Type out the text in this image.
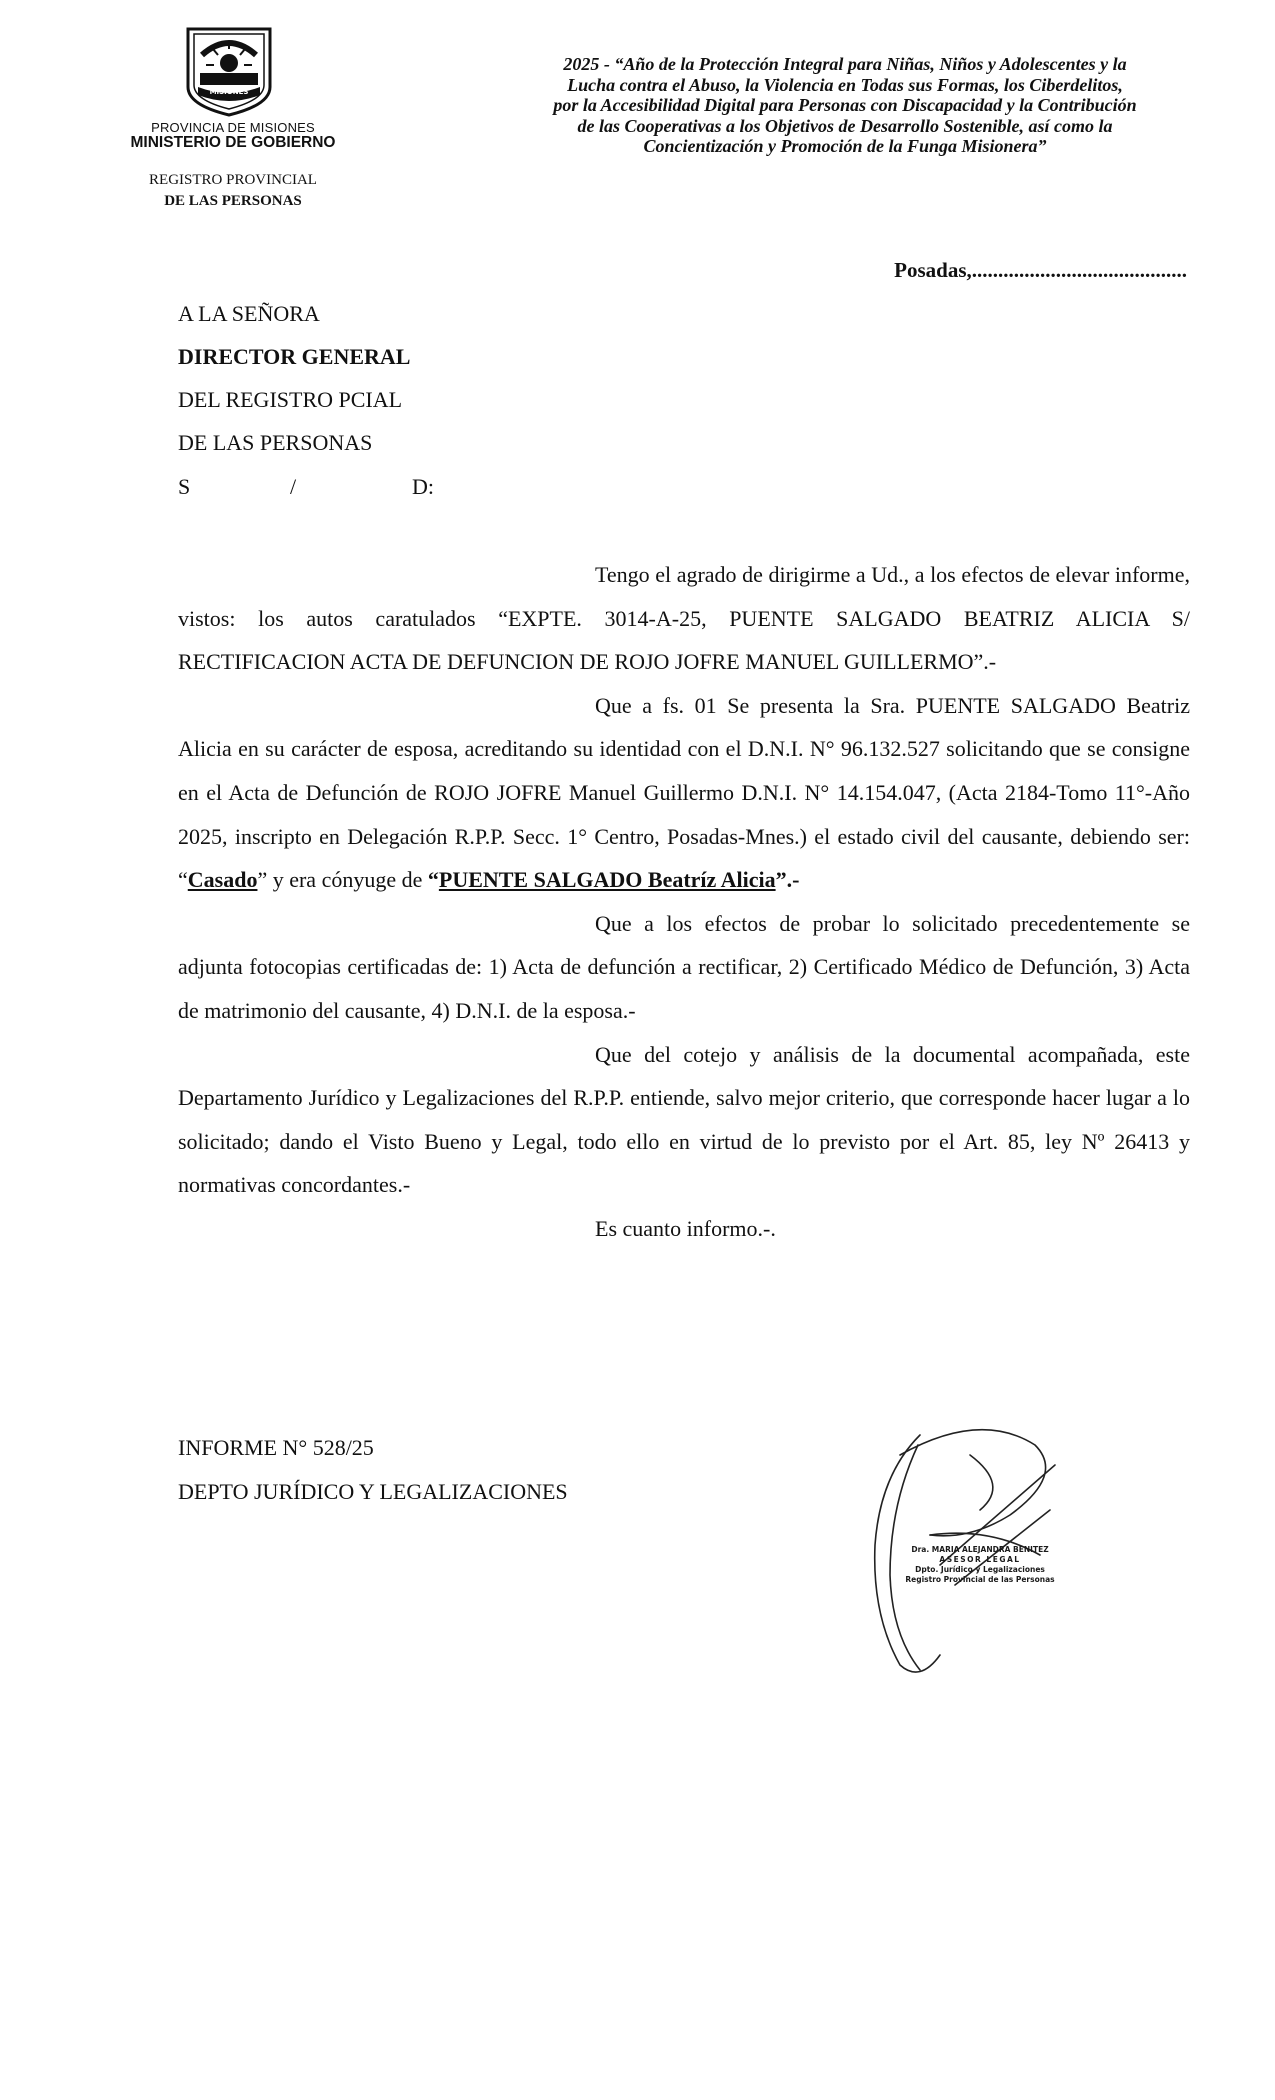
MISIONES
PROVINCIA DE MISIONES
MINISTERIO DE GOBIERNO
REGISTRO PROVINCIAL
DE LAS PERSONAS
2025 - “Año de la Protección Integral para Niñas, Niños y Adolescentes y la
Lucha contra el Abuso, la Violencia en Todas sus Formas, los Ciberdelitos,
por la Accesibilidad Digital para Personas con Discapacidad y la Contribución
de las Cooperativas a los Objetivos de Desarrollo Sostenible, así como la
Concientización y Promoción de la Funga Misionera”
Posadas,.........................................
A LA SEÑORA
DIRECTOR GENERAL
DEL REGISTRO PCIAL
DE LAS PERSONAS
S	/	D:

Tengo el agrado de dirigirme a Ud., a los efectos de elevar informe, vistos: los autos caratulados “EXPTE. 3014-A-25, PUENTE SALGADO BEATRIZ ALICIA S/ RECTIFICACION ACTA DE DEFUNCION DE ROJO JOFRE MANUEL GUILLERMO”.-

Que a fs. 01 Se presenta la Sra. PUENTE SALGADO Beatriz Alicia en su carácter de esposa, acreditando su identidad con el D.N.I. N° 96.132.527 solicitando que se consigne en el Acta de Defunción de ROJO JOFRE Manuel Guillermo D.N.I. N° 14.154.047, (Acta 2184-Tomo 11°-Año 2025, inscripto en Delegación R.P.P. Secc. 1° Centro, Posadas-Mnes.) el estado civil del causante, debiendo ser: “Casado” y era cónyuge de “PUENTE SALGADO Beatríz Alicia”.-

Que a los efectos de probar lo solicitado precedentemente se adjunta fotocopias certificadas de: 1) Acta de defunción a rectificar, 2) Certificado Médico de Defunción, 3) Acta de matrimonio del causante, 4) D.N.I. de la esposa.-

Que del cotejo y análisis de la documental acompañada, este Departamento Jurídico y Legalizaciones del R.P.P. entiende, salvo mejor criterio, que corresponde hacer lugar a lo solicitado; dando el Visto Bueno y Legal, todo ello en virtud de lo previsto por el Art. 85, ley Nº 26413 y normativas concordantes.-

Es cuanto informo.-.

INFORME N° 528/25
DEPTO JURÍDICO Y LEGALIZACIONES
Dra. MARIA ALEJANDRA BENITEZ
ASESOR LEGAL
Dpto. Jurídico y Legalizaciones
Registro Provincial de las Personas
